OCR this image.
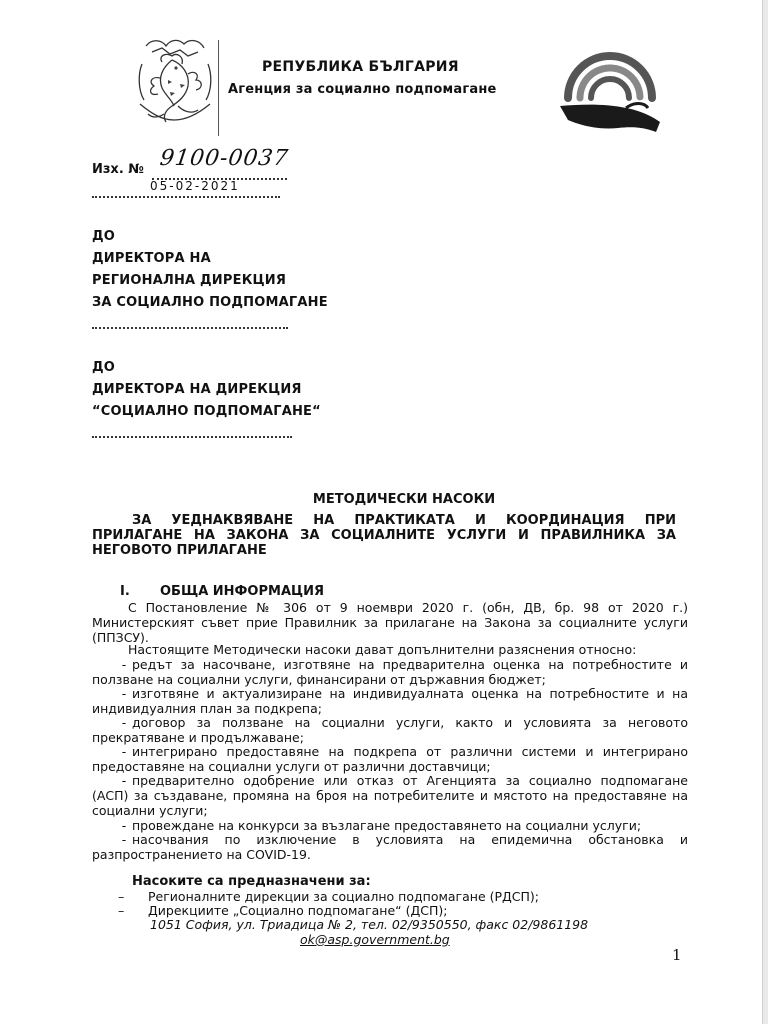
РЕПУБЛИКА БЪЛГАРИЯ
Агенция за социално подпомагане
Изх. № 9100-0037
05-02-2021
ДО
ДИРЕКТОРА НА
РЕГИОНАЛНА ДИРЕКЦИЯ
ЗА СОЦИАЛНО ПОДПОМАГАНЕ
ДО
ДИРЕКТОРА НА ДИРЕКЦИЯ
“СОЦИАЛНО ПОДПОМАГАНЕ“
МЕТОДИЧЕСКИ НАСОКИ
ЗА УЕДНАКВЯВАНЕ НА ПРАКТИКАТА И КООРДИНАЦИЯ ПРИ ПРИЛАГАНЕ НА ЗАКОНА ЗА СОЦИАЛНИТЕ УСЛУГИ И ПРАВИЛНИКА ЗА НЕГОВОТО ПРИЛАГАНЕ
I. ОБЩА ИНФОРМАЦИЯ
С Постановление № 306 от 9 ноември 2020 г. (обн, ДВ, бр. 98 от 2020 г.) Министерският съвет прие Правилник за прилагане на Закона за социалните услуги (ППЗСУ).
Настоящите Методически насоки дават допълнителни разяснения относно:
- редът за насочване, изготвяне на предварителна оценка на потребностите и ползване на социални услуги, финансирани от държавния бюджет;
- изготвяне и актуализиране на индивидуалната оценка на потребностите и на индивидуалния план за подкрепа;
- договор за ползване на социални услуги, както и условията за неговото прекратяване и продължаване;
- интегрирано предоставяне на подкрепа от различни системи и интегрирано предоставяне на социални услуги от различни доставчици;
- предварително одобрение или отказ от Агенцията за социално подпомагане (АСП) за създаване, промяна на броя на потребителите и мястото на предоставяне на социални услуги;
- провеждане на конкурси за възлагане предоставянето на социални услуги;
- насочвания по изключение в условията на епидемична обстановка и разпространението на COVID-19.
Насоките са предназначени за:
– Регионалните дирекции за социално подпомагане (РДСП);
– Дирекциите „Социално подпомагане“ (ДСП);
1051 София, ул. Триадица № 2, тел. 02/9350550, факс 02/9861198
ok@asp.government.bg
1
